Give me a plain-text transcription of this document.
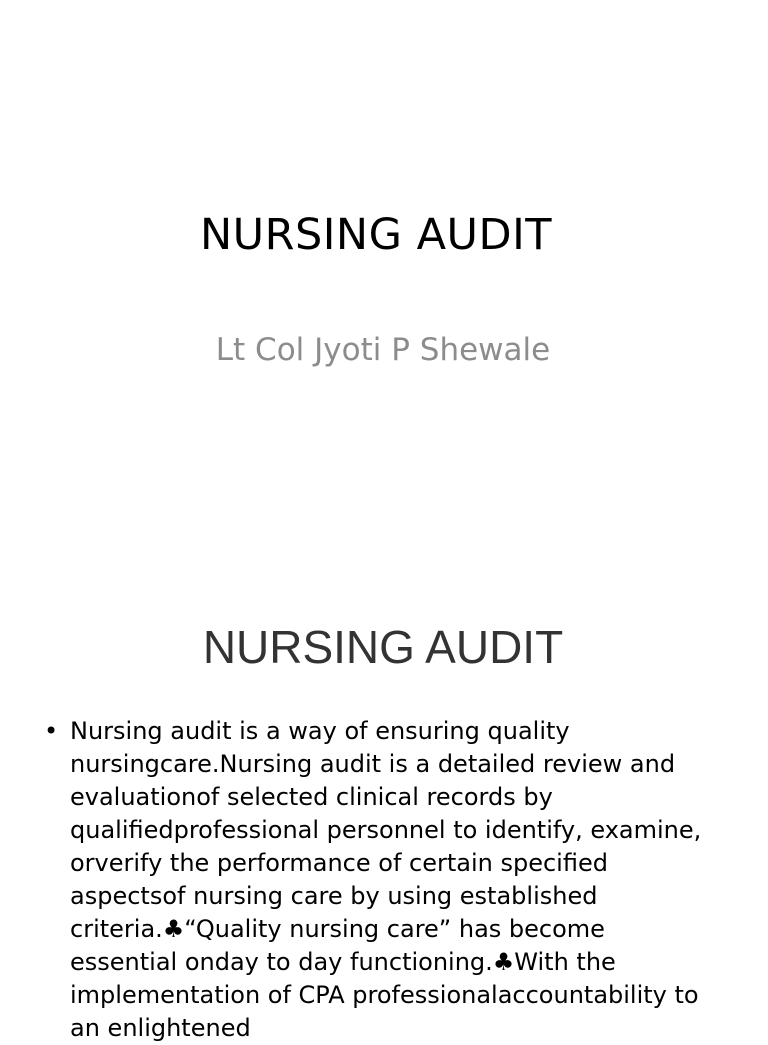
NURSING AUDIT
Lt Col Jyoti P Shewale
NURSING AUDIT
• Nursing audit is a way of ensuring quality nursingcare.Nursing audit is a detailed review and evaluationof selected clinical records by qualifiedprofessional personnel to identify, examine, orverify the performance of certain specified aspectsof nursing care by using established criteria.♣“Quality nursing care” has become essential onday to day functioning.♣With the implementation of CPA professionalaccountability to an enlightened
